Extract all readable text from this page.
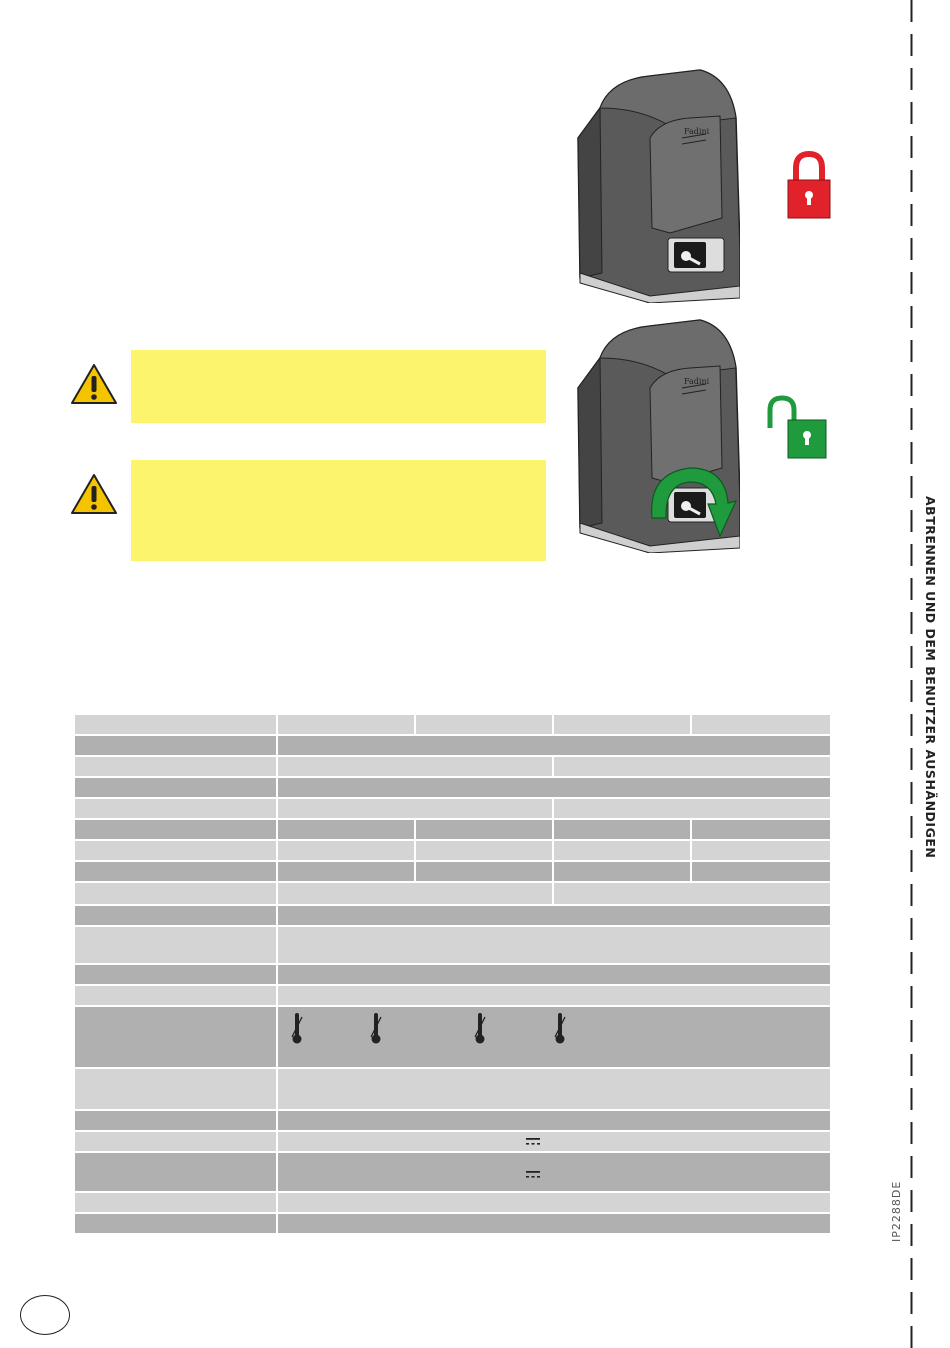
Fadini
Fadini
ABTRENNEN UND DEM BENUTZER AUSHÄNDIGEN
IP2288DE
